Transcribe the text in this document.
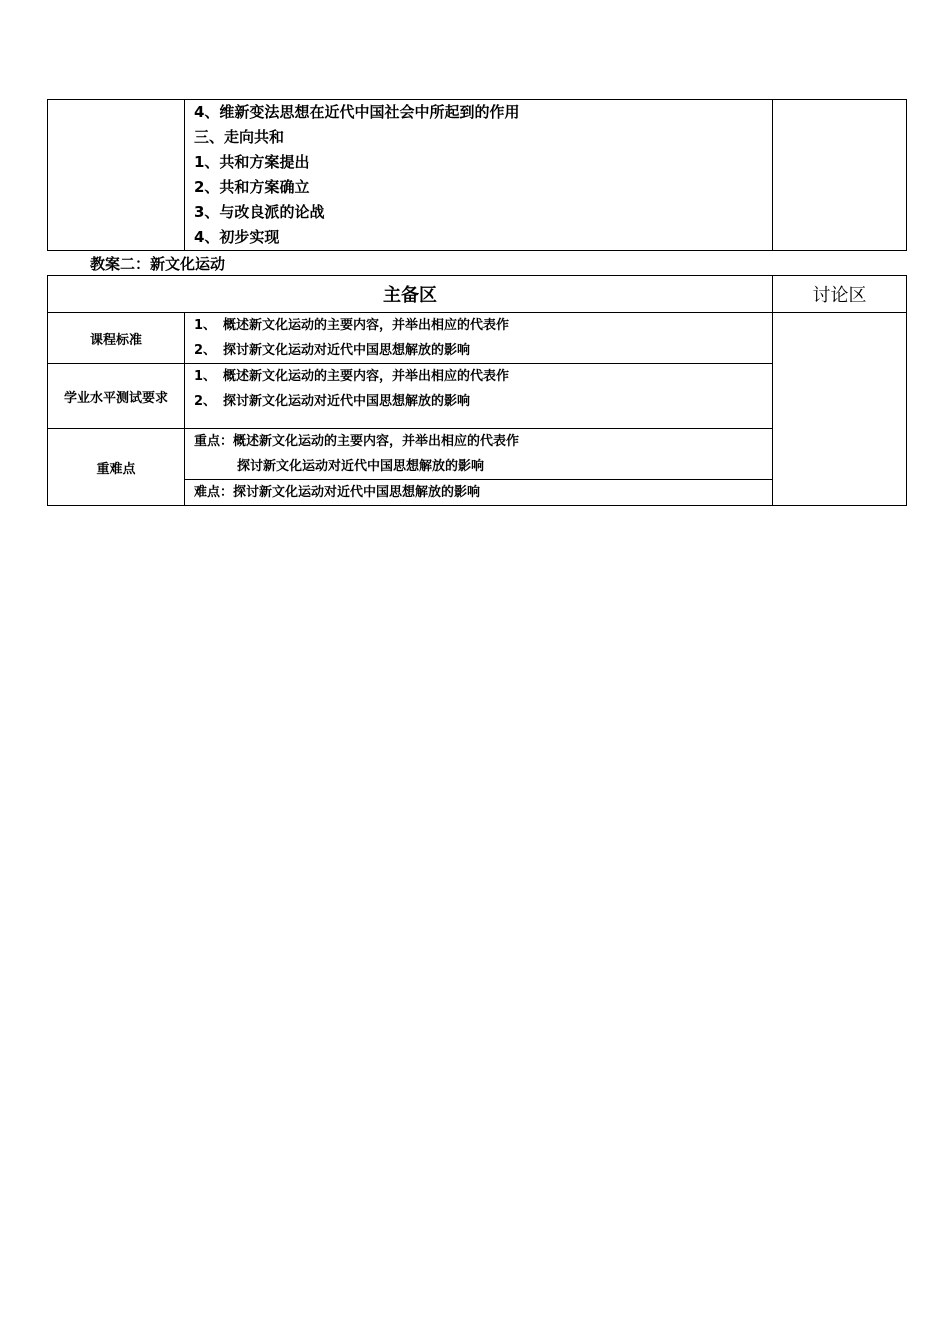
4、维新变法思想在近代中国社会中所起到的作用
三、走向共和
1、共和方案提出
2、共和方案确立
3、与改良派的论战
4、初步实现

教案二：新文化运动
主备区		讨论区
课程标准	1、 概述新文化运动的主要内容，并举出相应的代表作
2、 探讨新文化运动对近代中国思想解放的影响	

学业水平测试要求	1、 概述新文化运动的主要内容，并举出相应的代表作
2、 探讨新文化运动对近代中国思想解放的影响	

重难点	重点：概述新文化运动的主要内容，并举出相应的代表作
探讨新文化运动对近代中国思想解放的影响	

	难点：探讨新文化运动对近代中国思想解放的影响	
